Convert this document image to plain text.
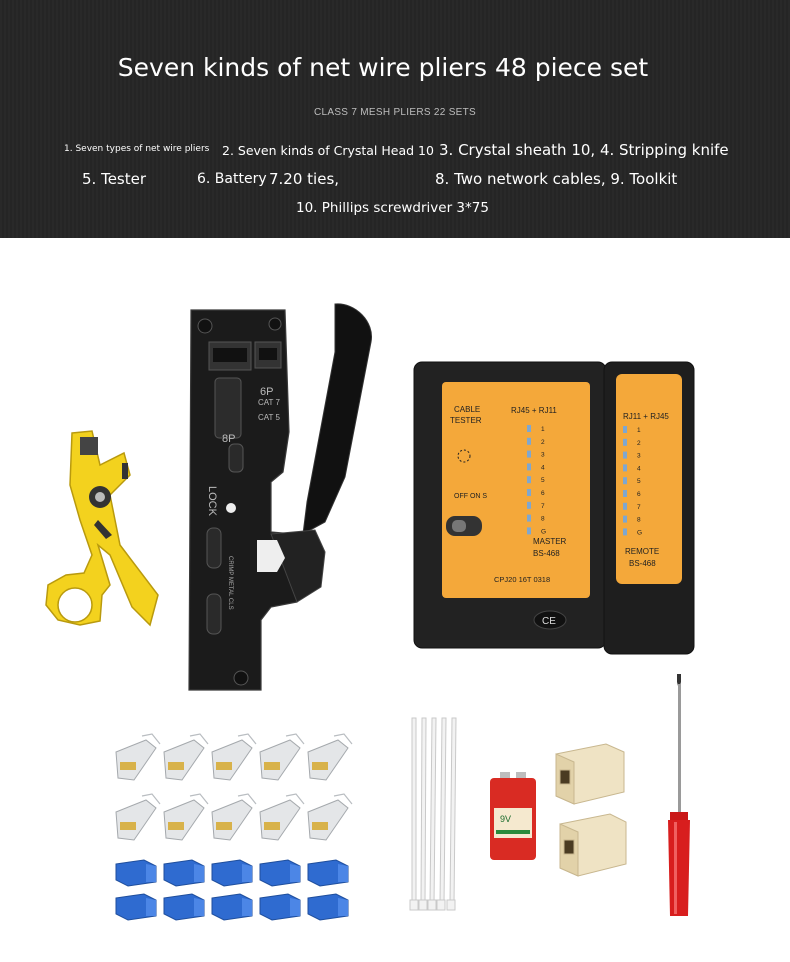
Seven kinds of net wire pliers 48 piece set
CLASS 7 MESH PLIERS 22 SETS
1. Seven types of net wire pliers 2. Seven kinds of Crystal Head 10 3. Crystal sheath 10, 4. Stripping knife
5. Tester	6. Battery 7.20 ties,	8. Two network cables, 9. Toolkit
10. Phillips screwdriver 3*75
6P
CAT 7
CAT 5
8P
LOCK
CRIMP METAL CLS
CABLE
TESTER
RJ45 + RJ11
OFF ON S
MASTER
BS-468
CPJ20 16T 0318
1
2
3
4
5
6
7
8
G
CE
RJ11 + RJ45
REMOTE
BS-468
1
2
3
4
5
6
7
8
G
9V
